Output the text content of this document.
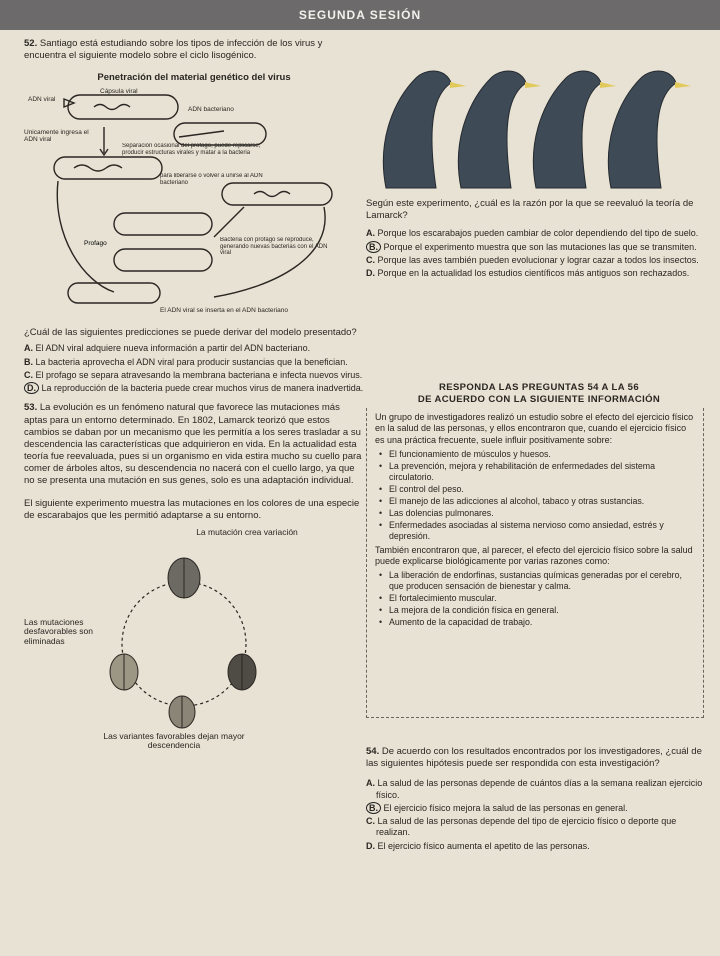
SEGUNDA SESIÓN
52. Santiago está estudiando sobre los tipos de infección de los virus y encuentra el siguiente modelo sobre el ciclo lisogénico.
Penetración del material genético del virus
ADN viral
Cápsula viral
ADN bacteriano
Únicamente ingresa el ADN viral
Separación ocasional del profago, puede replicarse, producir estructuras virales y matar a la bacteria
para liberarse o volver a unirse al ADN bacteriano
Bacteria con profago se reproduce, generando nuevas bacterias con el ADN viral
Profago
El ADN viral se inserta en el ADN bacteriano
¿Cuál de las siguientes predicciones se puede derivar del modelo presentado?
A. El ADN viral adquiere nueva información a partir del ADN bacteriano.
B. La bacteria aprovecha el ADN viral para producir sustancias que la benefician.
C. El profago se separa atravesando la membrana bacteriana e infecta nuevos virus.
D. La reproducción de la bacteria puede crear muchos virus de manera inadvertida.
53. La evolución es un fenómeno natural que favorece las mutaciones más aptas para un entorno determinado. En 1802, Lamarck teorizó que estos cambios se daban por un mecanismo que les permitía a los seres trasladar a su descendencia las características que adquirieron en vida. En la actualidad esta teoría fue reevaluada, pues si un organismo en vida estira mucho su cuello para comer de árboles altos, su descendencia no nacerá con el cuello largo, ya que no se presenta una mutación en sus genes, solo es una adaptación individual.
El siguiente experimento muestra las mutaciones en los colores de una especie de escarabajos que les permitió adaptarse a su entorno.
La mutación crea variación
Las mutaciones desfavorables son eliminadas
Las variantes favorables dejan mayor descendencia
Según este experimento, ¿cuál es la razón por la que se reevaluó la teoría de Lamarck?
A. Porque los escarabajos pueden cambiar de color dependiendo del tipo de suelo.
B. Porque el experimento muestra que son las mutaciones las que se transmiten.
C. Porque las aves también pueden evolucionar y lograr cazar a todos los insectos.
D. Porque en la actualidad los estudios científicos más antiguos son rechazados.
RESPONDA LAS PREGUNTAS 54 A LA 56
DE ACUERDO CON LA SIGUIENTE INFORMACIÓN

Un grupo de investigadores realizó un estudio sobre el efecto del ejercicio físico en la salud de las personas, y ellos encontraron que, cuando el ejercicio físico es una práctica frecuente, suele influir positivamente sobre:

• El funcionamiento de músculos y huesos.
• La prevención, mejora y rehabilitación de enfermedades del sistema circulatorio.
• El control del peso.
• El manejo de las adicciones al alcohol, tabaco y otras sustancias.
• Las dolencias pulmonares.
• Enfermedades asociadas al sistema nervioso como ansiedad, estrés y depresión.

También encontraron que, al parecer, el efecto del ejercicio físico sobre la salud puede explicarse biológicamente por varias razones como:

• La liberación de endorfinas, sustancias químicas generadas por el cerebro, que producen sensación de bienestar y calma.
• El fortalecimiento muscular.
• La mejora de la condición física en general.
• Aumento de la capacidad de trabajo.
54. De acuerdo con los resultados encontrados por los investigadores, ¿cuál de las siguientes hipótesis puede ser respondida con esta investigación?
A. La salud de las personas depende de cuántos días a la semana realizan ejercicio físico.
B. El ejercicio físico mejora la salud de las personas en general.
C. La salud de las personas depende del tipo de ejercicio físico o deporte que realizan.
D. El ejercicio físico aumenta el apetito de las personas.
